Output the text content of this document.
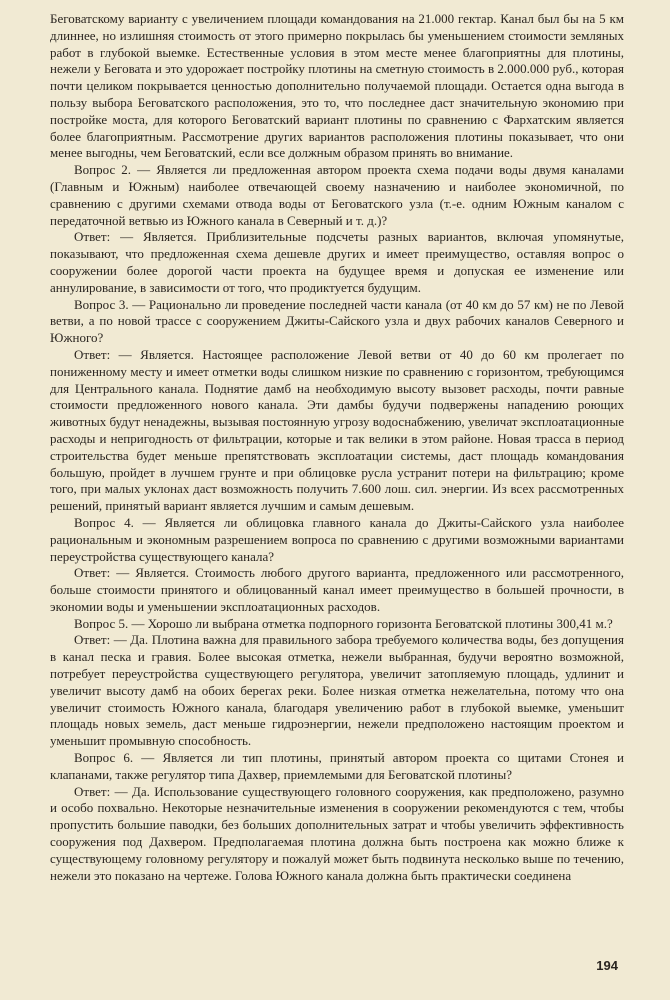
Беговатскому варианту с увеличением площади командования на 21.000 гектар. Канал был бы на 5 км длиннее, но излишняя стоимость от этого примерно покрылась бы уменьшением стоимости земляных работ в глубокой выемке. Естественные условия в этом месте менее благоприятны для плотины, нежели у Беговата и это удорожает постройку плотины на сметную стоимость в 2.000.000 руб., которая почти целиком покрывается ценностью дополнительно получаемой площади. Остается одна выгода в пользу выбора Беговатского расположения, это то, что последнее даст значительную экономию при постройке моста, для которого Беговатский вариант плотины по сравнению с Фархатским является более благоприятным. Рассмотрение других вариантов расположения плотины показывает, что они менее выгодны, чем Беговатский, если все должным образом принять во внимание.

Вопрос 2. — Является ли предложенная автором проекта схема подачи воды двумя каналами (Главным и Южным) наиболее отвечающей своему назначению и наиболее экономичной, по сравнению с другими схемами отвода воды от Беговатского узла (т.-е. одним Южным каналом с передаточной ветвью из Южного канала в Северный и т. д.)?

Ответ: — Является. Приблизительные подсчеты разных вариантов, включая упомянутые, показывают, что предложенная схема дешевле других и имеет преимущество, оставляя вопрос о сооружении более дорогой части проекта на будущее время и допуская ее изменение или аннулирование, в зависимости от того, что продиктуется будущим.

Вопрос 3. — Рационально ли проведение последней части канала (от 40 км до 57 км) не по Левой ветви, а по новой трассе с сооружением Джиты-Сайского узла и двух рабочих каналов Северного и Южного?

Ответ: — Является. Настоящее расположение Левой ветви от 40 до 60 км пролегает по пониженному месту и имеет отметки воды слишком низкие по сравнению с горизонтом, требующимся для Центрального канала. Поднятие дамб на необходимую высоту вызовет расходы, почти равные стоимости предложенного нового канала. Эти дамбы будучи подвержены нападению роющих животных будут ненадежны, вызывая постоянную угрозу водоснабжению, увеличат эксплоатационные расходы и непригодность от фильтрации, которые и так велики в этом районе. Новая трасса в период строительства будет меньше препятствовать эксплоатации системы, даст площадь командования большую, пройдет в лучшем грунте и при облицовке русла устранит потери на фильтрацию; кроме того, при малых уклонах даст возможность получить 7.600 лош. сил. энергии. Из всех рассмотренных решений, принятый вариант является лучшим и самым дешевым.

Вопрос 4. — Является ли облицовка главного канала до Джиты-Сайского узла наиболее рациональным и экономным разрешением вопроса по сравнению с другими возможными вариантами переустройства существующего канала?

Ответ: — Является. Стоимость любого другого варианта, предложенного или рассмотренного, больше стоимости принятого и облицованный канал имеет преимущество в большей прочности, в экономии воды и уменьшении эксплоатационных расходов.

Вопрос 5. — Хорошо ли выбрана отметка подпорного горизонта Беговатской плотины 300,41 м.?

Ответ: — Да. Плотина важна для правильного забора требуемого количества воды, без допущения в канал песка и гравия. Более высокая отметка, нежели выбранная, будучи вероятно возможной, потребует переустройства существующего регулятора, увеличит затопляемую площадь, удлинит и увеличит высоту дамб на обоих берегах реки. Более низкая отметка нежелательна, потому что она увеличит стоимость Южного канала, благодаря увеличению работ в глубокой выемке, уменьшит площадь новых земель, даст меньше гидроэнергии, нежели предположено настоящим проектом и уменьшит промывную способность.

Вопрос 6. — Является ли тип плотины, принятый автором проекта со щитами Стонея и клапанами, также регулятор типа Дахвер, приемлемыми для Беговатской плотины?

Ответ: — Да. Использование существующего головного сооружения, как предположено, разумно и особо похвально. Некоторые незначительные изменения в сооружении рекомендуются с тем, чтобы пропустить большие паводки, без больших дополнительных затрат и чтобы увеличить эффективность сооружения под Дахвером. Предполагаемая плотина должна быть построена как можно ближе к существующему головному регулятору и пожалуй может быть подвинута несколько выше по течению, нежели это показано на чертеже. Голова Южного канала должна быть практически соединена

194
